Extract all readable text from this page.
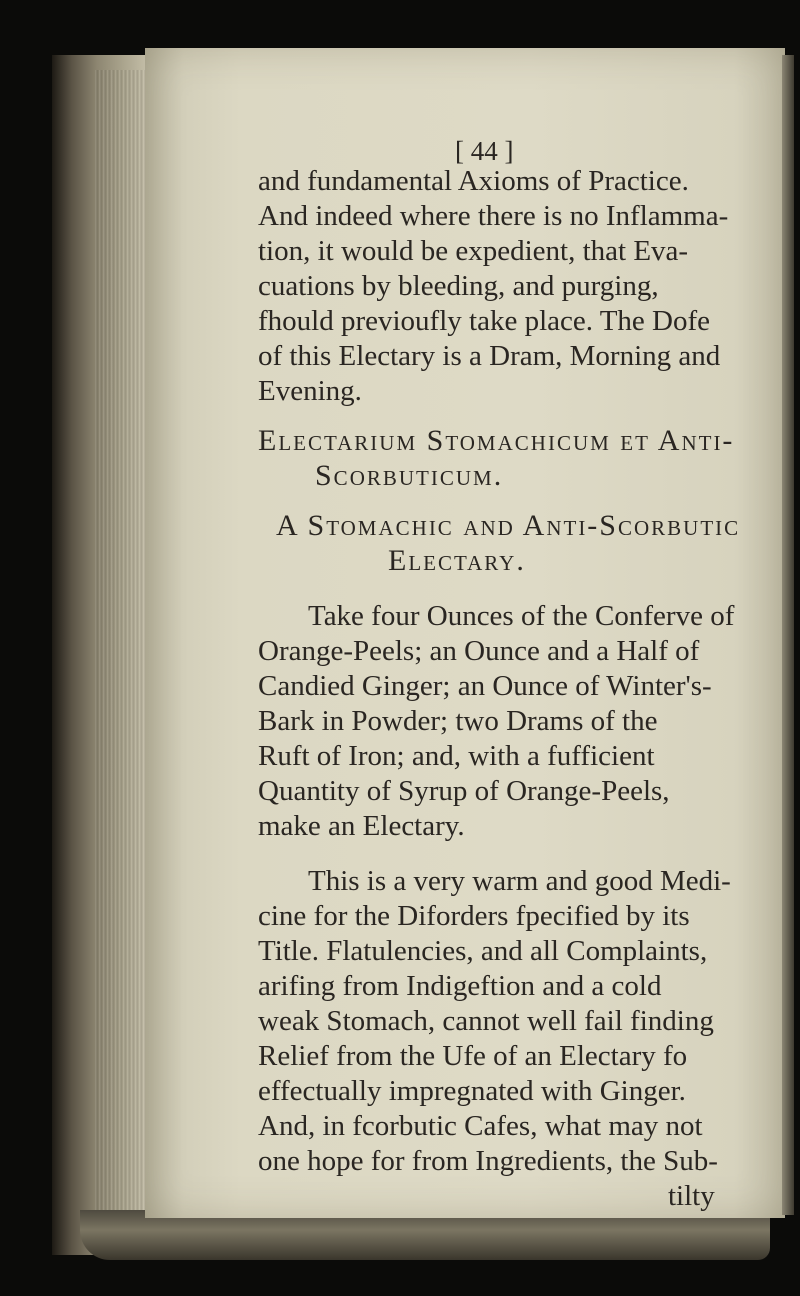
[ 44 ]
and fundamental Axioms of Practice.
And indeed where there is no Inflamma-
tion, it would be expedient, that Eva-
cuations by bleeding, and purging,
fhould previoufly take place. The Dofe
of this Electary is a Dram, Morning and
Evening.
Electarium Stomachicum et Anti-
Scorbuticum.
A Stomachic and Anti-Scorbutic
Electary.
Take four Ounces of the Conferve of
Orange-Peels; an Ounce and a Half of
Candied Ginger; an Ounce of Winter's-
Bark in Powder; two Drams of the
Ruft of Iron; and, with a fufficient
Quantity of Syrup of Orange-Peels,
make an Electary.
This is a very warm and good Medi-
cine for the Diforders fpecified by its
Title. Flatulencies, and all Complaints,
arifing from Indigeftion and a cold
weak Stomach, cannot well fail finding
Relief from the Ufe of an Electary fo
effectually impregnated with Ginger.
And, in fcorbutic Cafes, what may not
one hope for from Ingredients, the Sub-
tilty
